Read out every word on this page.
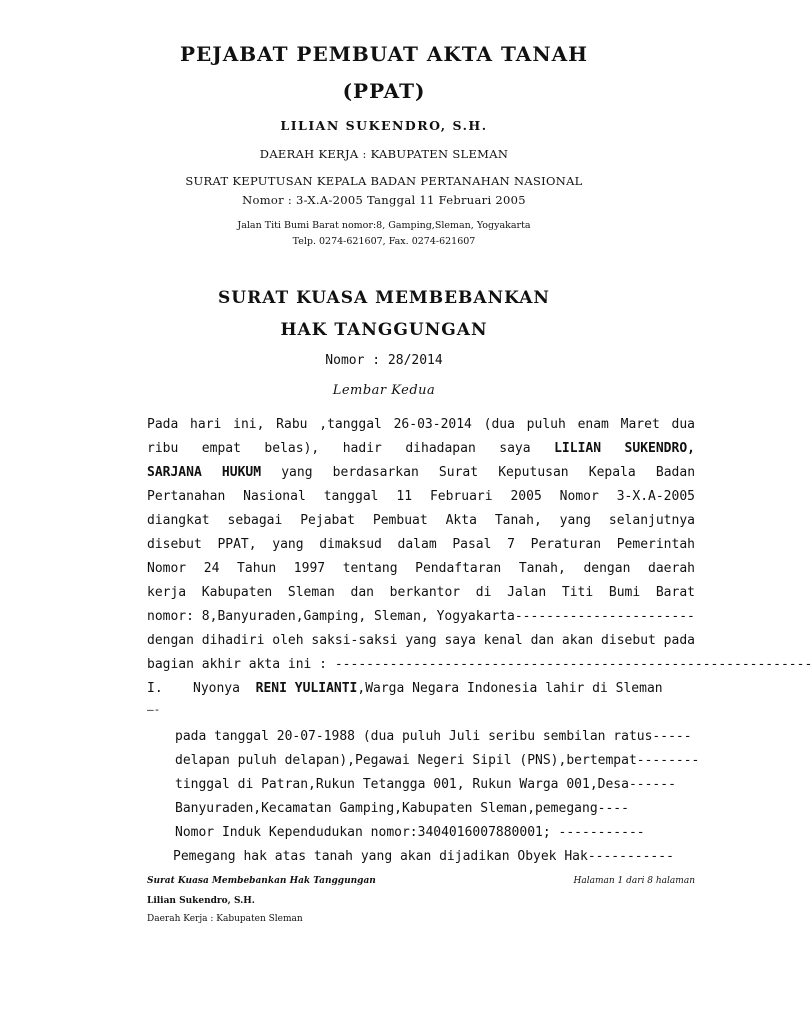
PEJABAT PEMBUAT AKTA TANAH
(PPAT)
LILIAN SUKENDRO, S.H.
DAERAH KERJA : KABUPATEN SLEMAN
SURAT KEPUTUSAN KEPALA BADAN PERTANAHAN NASIONAL
Nomor : 3-X.A-2005 Tanggal 11 Februari 2005
Jalan Titi Bumi Barat nomor:8, Gamping,Sleman, Yogyakarta
Telp. 0274-621607, Fax. 0274-621607
SURAT KUASA MEMBEBANKAN
HAK TANGGUNGAN
Nomor : 28/2014
Lembar Kedua
Pada hari ini, Rabu ,tanggal 26-03-2014 (dua puluh enam Maret dua
ribu empat belas), hadir dihadapan saya LILIAN SUKENDRO,
SARJANA HUKUM yang berdasarkan Surat Keputusan Kepala Badan
Pertanahan Nasional tanggal 11 Februari 2005 Nomor 3-X.A-2005
diangkat sebagai Pejabat Pembuat Akta Tanah, yang selanjutnya
disebut PPAT, yang dimaksud dalam Pasal 7 Peraturan Pemerintah
Nomor 24 Tahun 1997 tentang Pendaftaran Tanah, dengan daerah
kerja Kabupaten Sleman dan berkantor di Jalan Titi Bumi Barat
nomor: 8,Banyuraden,Gamping, Sleman, Yogyakarta-----------------------
dengan dihadiri oleh saksi-saksi yang saya kenal dan akan disebut pada
bagian akhir akta ini : -------------------------------------------------------------
I. Nyonya RENI YULIANTI,Warga Negara Indonesia lahir di Sleman
—-
pada tanggal 20-07-1988 (dua puluh Juli seribu sembilan ratus-----
delapan puluh delapan),Pegawai Negeri Sipil (PNS),bertempat--------
tinggal di Patran,Rukun Tetangga 001, Rukun Warga 001,Desa------
Banyuraden,Kecamatan Gamping,Kabupaten Sleman,pemegang----
Nomor Induk Kependudukan nomor:3404016007880001; -----------
Pemegang hak atas tanah yang akan dijadikan Obyek Hak-----------
Surat Kuasa Membebankan Hak Tanggungan	Halaman 1 dari 8 halaman
Lilian Sukendro, S.H.
Daerah Kerja : Kabupaten Sleman
